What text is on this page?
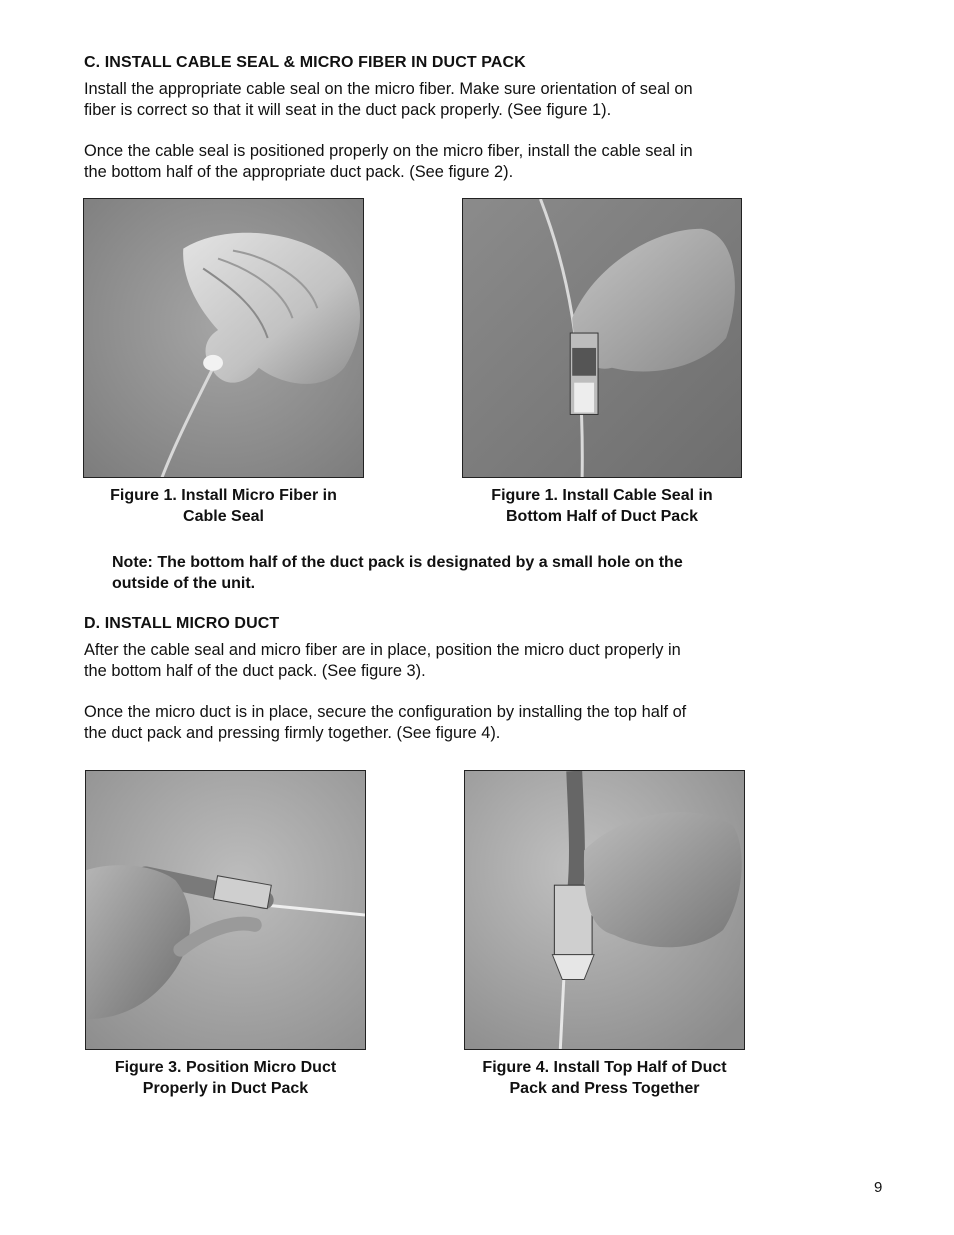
C. INSTALL CABLE SEAL & MICRO FIBER IN DUCT PACK
Install the appropriate cable seal on the micro fiber. Make sure orientation of seal on
fiber is correct so that it will seat in the duct pack properly. (See figure 1).
Once the cable seal is positioned properly on the micro fiber, install the cable seal in
the bottom half of the appropriate duct pack. (See figure 2).
Figure 1. Install Micro Fiber in
Cable Seal
Figure 1. Install Cable Seal in
Bottom Half of Duct Pack
Note: The bottom half of the duct pack is designated by a small hole on the
outside of the unit.
D. INSTALL MICRO DUCT
After the cable seal and micro fiber are in place, position the micro duct properly in
the bottom half of the duct pack. (See figure 3).
Once the micro duct is in place, secure the configuration by installing the top half of
the duct pack and pressing firmly together. (See figure 4).
Figure 3. Position Micro Duct
Properly in Duct Pack
Figure 4. Install Top Half of Duct
Pack and Press Together
9
